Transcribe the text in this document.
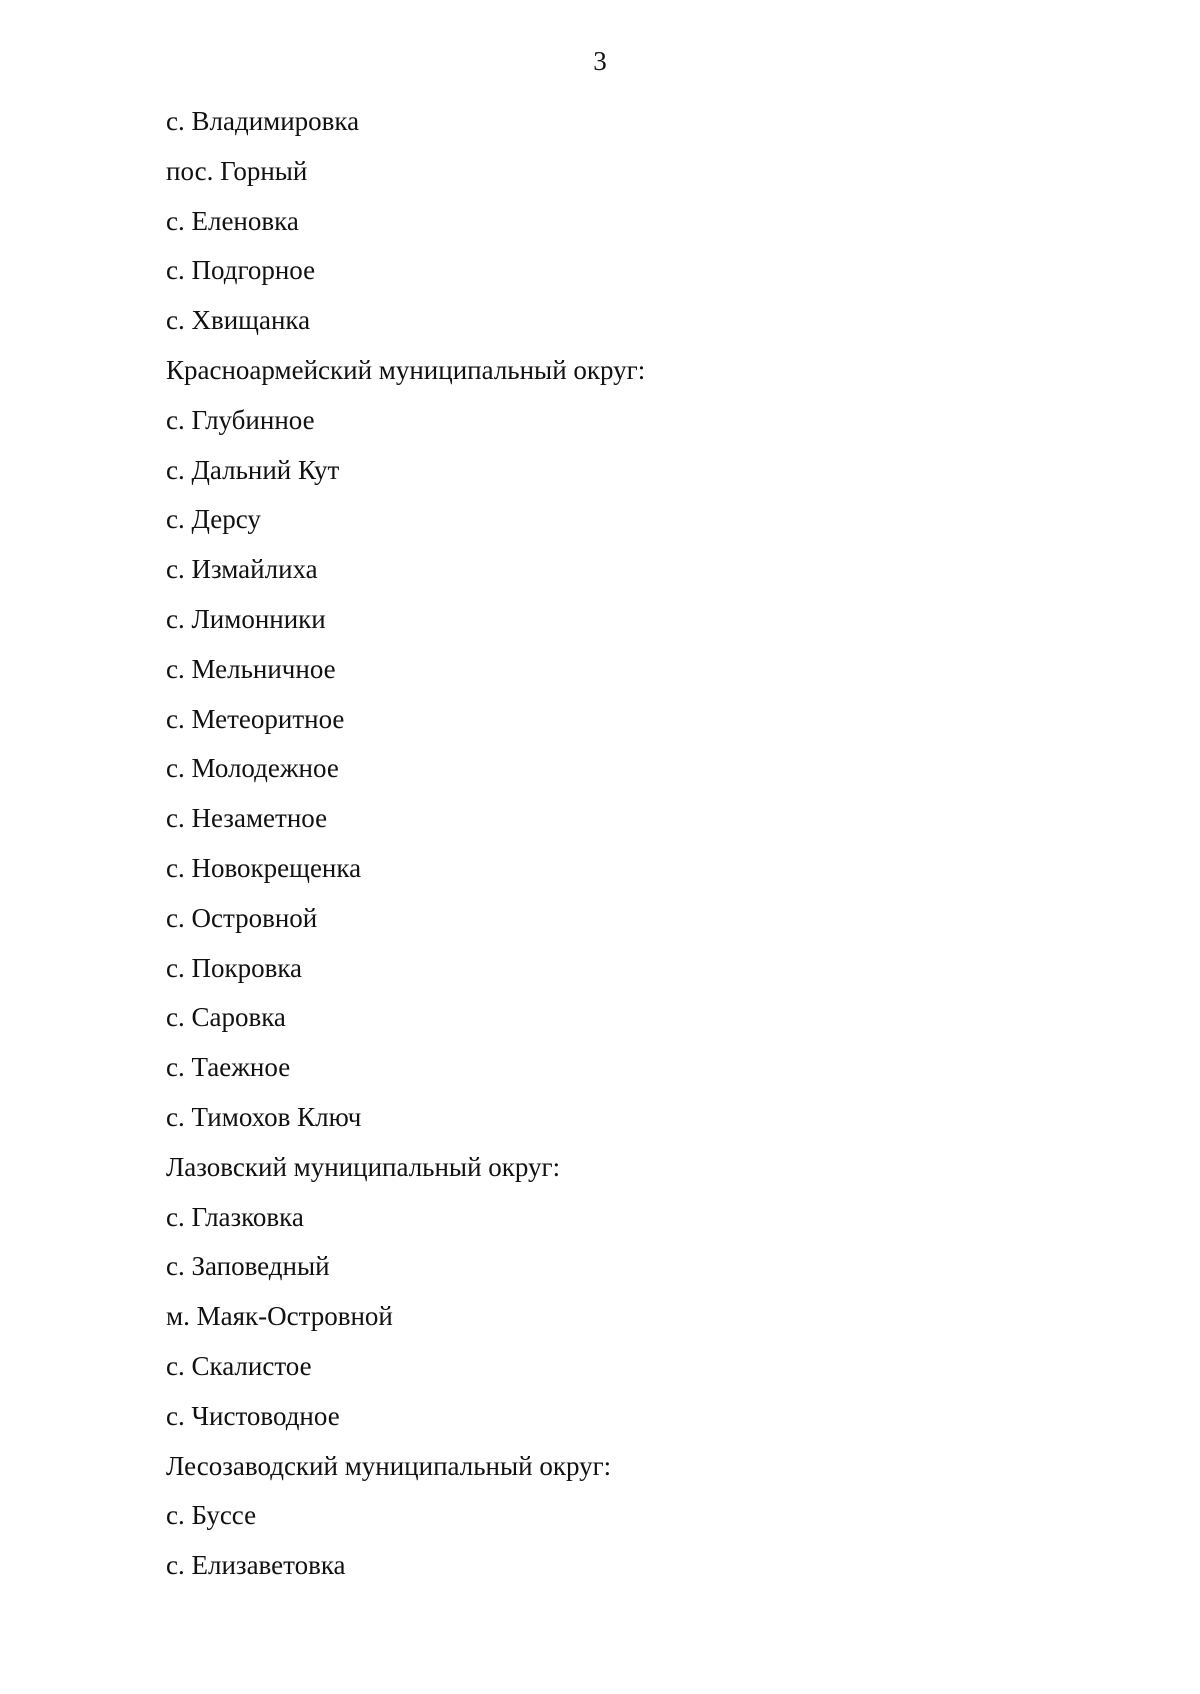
3
с. Владимировка
пос. Горный
с. Еленовка
с. Подгорное
с. Хвищанка
Красноармейский муниципальный округ:
с. Глубинное
с. Дальний Кут
с. Дерсу
с. Измайлиха
с. Лимонники
с. Мельничное
с. Метеоритное
с. Молодежное
с. Незаметное
с. Новокрещенка
с. Островной
с. Покровка
с. Саровка
с. Таежное
с. Тимохов Ключ
Лазовский муниципальный округ:
с. Глазковка
с. Заповедный
м. Маяк-Островной
с. Скалистое
с. Чистоводное
Лесозаводский муниципальный округ:
с. Буссе
с. Елизаветовка
